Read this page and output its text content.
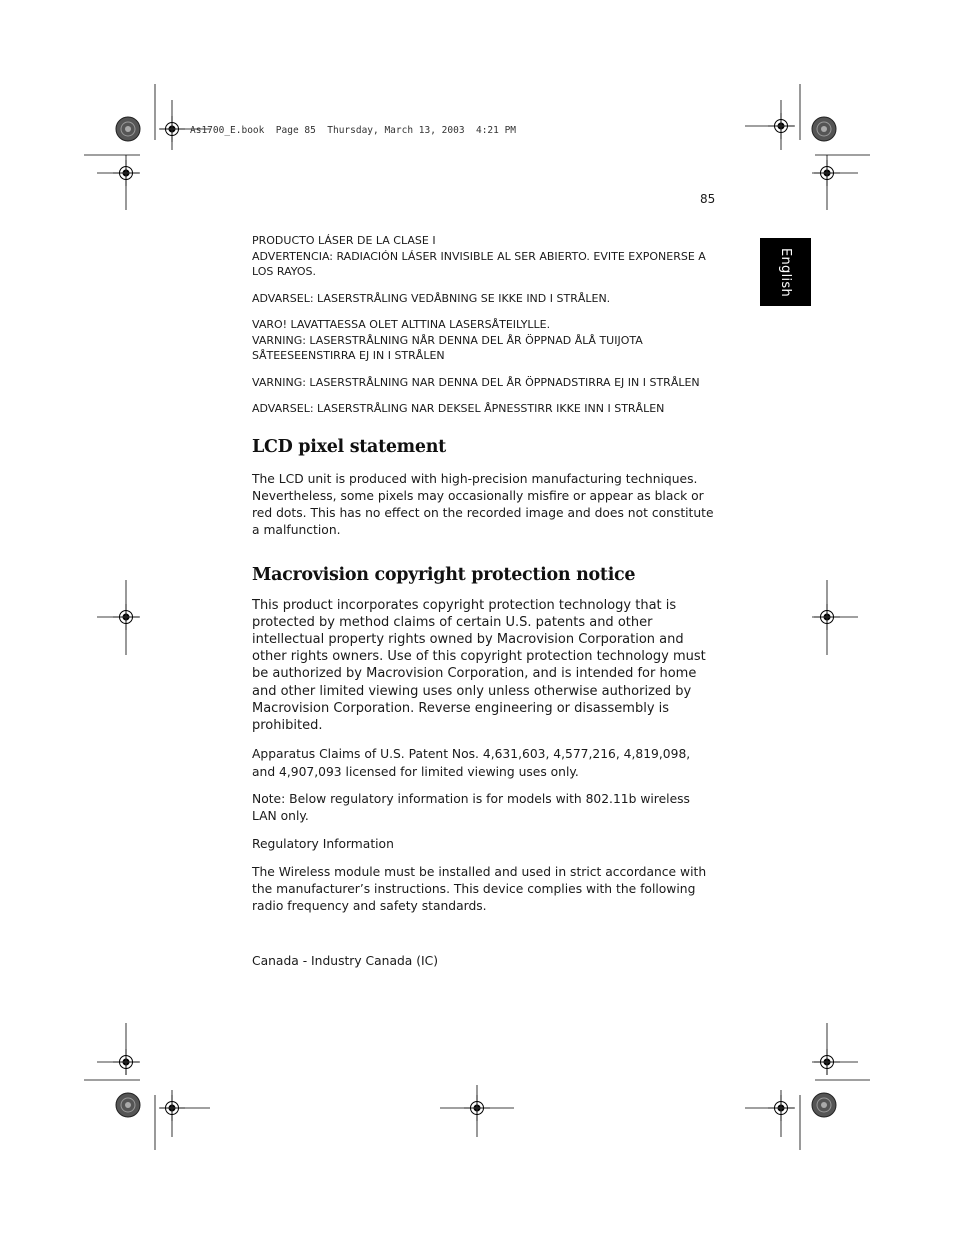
As1700_E.book  Page 85  Thursday, March 13, 2003  4:21 PM
85
English

PRODUCTO LÁSER DE LA CLASE I

ADVERTENCIA: RADIACIÓN LÁSER INVISIBLE AL SER ABIERTO. EVITE EXPONERSE A LOS RAYOS.

ADVARSEL: LASERSTRÅLING VEDÅBNING SE IKKE IND I STRÅLEN.

VARO! LAVATTAESSA OLET ALTTINA LASERSÅTEILYLLE.

VARNING: LASERSTRÅLNING NÅR DENNA DEL ÅR ÖPPNAD ÅLÅ TUIJOTA SÅTEESEENSTIRRA EJ IN I STRÅLEN

VARNING: LASERSTRÅLNING NAR DENNA DEL ÅR ÖPPNADSTIRRA EJ IN I STRÅLEN

ADVARSEL: LASERSTRÅLING NAR DEKSEL ÅPNESSTIRR IKKE INN I STRÅLEN

LCD pixel statement

The LCD unit is produced with high-precision manufacturing techniques. Nevertheless, some pixels may occasionally misfire or appear as black or red dots. This has no effect on the recorded image and does not constitute a malfunction.

Macrovision copyright protection notice

This product incorporates copyright protection technology that is protected by method claims of certain U.S. patents and other intellectual property rights owned by Macrovision Corporation and other rights owners. Use of this copyright protection technology must be authorized by Macrovision Corporation, and is intended for home and other limited viewing uses only unless otherwise authorized by Macrovision Corporation. Reverse engineering or disassembly is prohibited.

Apparatus Claims of U.S. Patent Nos. 4,631,603, 4,577,216, 4,819,098, and 4,907,093 licensed for limited viewing uses only.

Note: Below regulatory information is for models with 802.11b wireless LAN only.

Regulatory Information

The Wireless module must be installed and used in strict accordance with the manufacturer’s instructions. This device complies with the following radio frequency and safety standards.

Canada - Industry Canada (IC)
